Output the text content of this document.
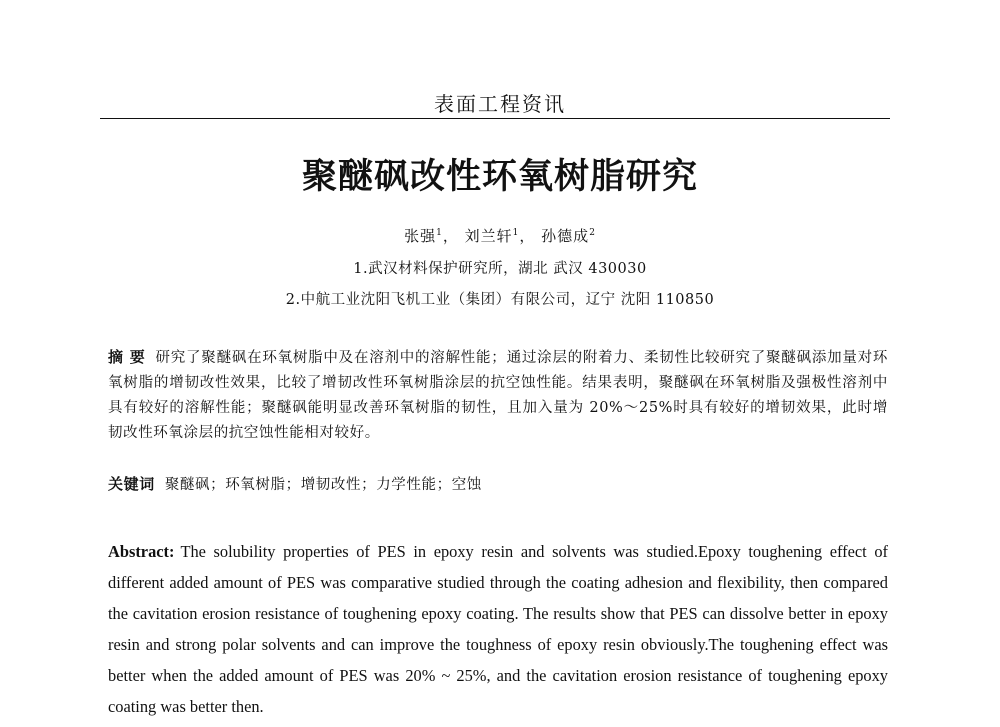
表面工程资讯
聚醚砜改性环氧树脂研究
张强$^1$， 刘兰轩$^1$， 孙德成$^2$
1.武汉材料保护研究所，湖北 武汉 430030
2.中航工业沈阳飞机工业（集团）有限公司，辽宁 沈阳 110850
摘 要 研究了聚醚砜在环氧树脂中及在溶剂中的溶解性能；通过涂层的附着力、柔韧性比较研究了聚醚砜添加量对环氧树脂的增韧改性效果，比较了增韧改性环氧树脂涂层的抗空蚀性能。结果表明，聚醚砜在环氧树脂及强极性溶剂中具有较好的溶解性能；聚醚砜能明显改善环氧树脂的韧性，且加入量为 20%～25%时具有较好的增韧效果，此时增韧改性环氧涂层的抗空蚀性能相对较好。
关键词 聚醚砜；环氧树脂；增韧改性；力学性能；空蚀
Abstract: The solubility properties of PES in epoxy resin and solvents was studied.Epoxy toughening effect of different added amount of PES was comparative studied through the coating adhesion and flexibility, then compared the cavitation erosion resistance of toughening epoxy coating. The results show that PES can dissolve better in epoxy resin and strong polar solvents and can improve the toughness of epoxy resin obviously.The toughening effect was better when the added amount of PES was 20% ~ 25%, and the cavitation erosion resistance of toughening epoxy coating was better then.
